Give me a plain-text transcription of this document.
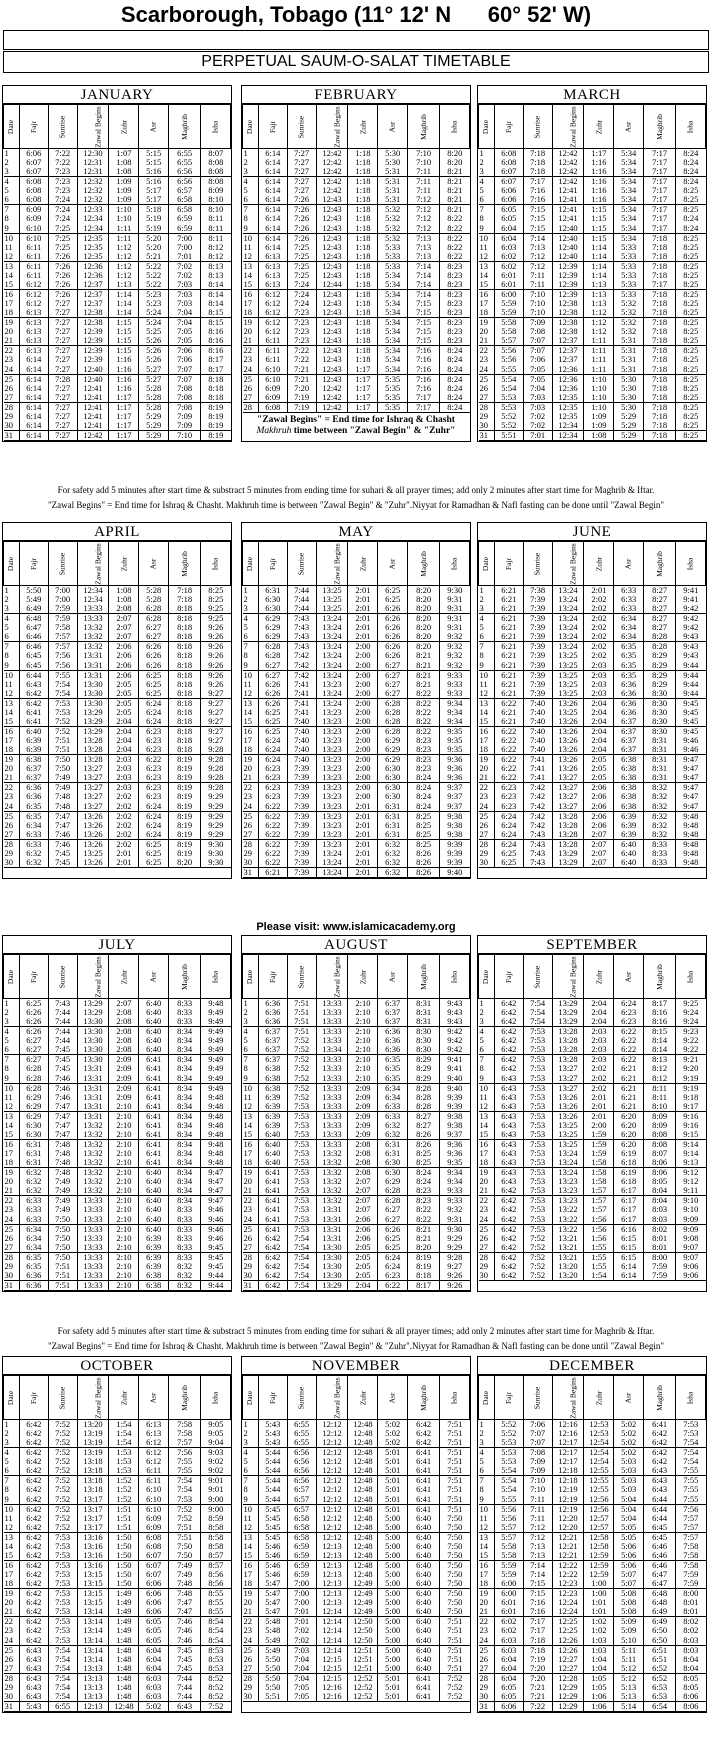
Scarborough, Tobago (11° 12' N      60° 52' W)
PERPETUAL SAUM-O-SALAT TIMETABLE
JANUARY
Date	Fajr	Sunrise	Zawal Begins	Zuhr	Asr	Maghrib	Isha
1	6:06	7:22	12:30	1:07	5:15	6:55	8:07
2	6:07	7:22	12:31	1:08	5:15	6:55	8:08
3	6:07	7:23	12:31	1:08	5:16	6:56	8:08
4	6:08	7:23	12:32	1:09	5:16	6:56	8:08
5	6:08	7:23	12:32	1:09	5:17	6:57	8:09
6	6:08	7:24	12:32	1:09	5:17	6:58	8:10
7	6:09	7:24	12:33	1:10	5:18	6:58	8:10
8	6:09	7:24	12:34	1:10	5:19	6:59	8:11
9	6:10	7:25	12:34	1:11	5:19	6:59	8:11
10	6:10	7:25	12:35	1:11	5:20	7:00	8:11
11	6:11	7:25	12:35	1:12	5:20	7:00	8:12
12	6:11	7:26	12:35	1:12	5:21	7:01	8:12
13	6:11	7:26	12:36	1:12	5:22	7:02	8:13
14	6:11	7:26	12:36	1:12	5:22	7:02	8:13
15	6:12	7:26	12:37	1:13	5:22	7:03	8:14
16	6:12	7:26	12:37	1:14	5:23	7:03	8:14
17	6:12	7:27	12:37	1:14	5:23	7:03	8:14
18	6:13	7:27	12:38	1:14	5:24	7:04	8:15
19	6:13	7:27	12:38	1:15	5:24	7:04	8:15
20	6:13	7:27	12:39	1:15	5:25	7:05	8:16
21	6:13	7:27	12:39	1:15	5:26	7:05	8:16
22	6:13	7:27	12:39	1:15	5:26	7:06	8:16
23	6:14	7:27	12:39	1:16	5:26	7:06	8:17
24	6:14	7:27	12:40	1:16	5:27	7:07	8:17
25	6:14	7:28	12:40	1:16	5:27	7:07	8:18
26	6:14	7:27	12:41	1:16	5:28	7:08	8:18
27	6:14	7:27	12:41	1:17	5:28	7:08	8:18
28	6:14	7:27	12:41	1:17	5:28	7:08	8:19
29	6:14	7:27	12:41	1:17	5:29	7:09	8:19
30	6:14	7:27	12:41	1:17	5:29	7:09	8:19
31	6:14	7:27	12:42	1:17	5:29	7:10	8:19
FEBRUARY
Date	Fajr	Sunrise	Zawal Begins	Zuhr	Asr	Maghrib	Isha
1	6:14	7:27	12:42	1:18	5:30	7:10	8:20
2	6:14	7:27	12:42	1:18	5:30	7:10	8:20
3	6:14	7:27	12:42	1:18	5:31	7:11	8:21
4	6:14	7:27	12:42	1:18	5:31	7:11	8:21
5	6:14	7:27	12:42	1:18	5:31	7:11	8:21
6	6:14	7:26	12:43	1:18	5:31	7:12	8:21
7	6:14	7:26	12:43	1:18	5:32	7:12	8:21
8	6:14	7:26	12:43	1:18	5:32	7:12	8:22
9	6:14	7:26	12:43	1:18	5:32	7:12	8:22
10	6:14	7:26	12:43	1:18	5:32	7:13	8:22
11	6:14	7:25	12:43	1:18	5:33	7:13	8:22
12	6:13	7:25	12:43	1:18	5:33	7:13	8:22
13	6:13	7:25	12:43	1:18	5:33	7:14	8:23
14	6:13	7:25	12:43	1:18	5:34	7:14	8:23
15	6:13	7:24	12:44	1:18	5:34	7:14	8:23
16	6:12	7:24	12:43	1:18	5:34	7:14	8:23
17	6:12	7:24	12:43	1:18	5:34	7:15	8:23
18	6:12	7:23	12:43	1:18	5:34	7:15	8:23
19	6:12	7:23	12:43	1:18	5:34	7:15	8:23
20	6:12	7:23	12:43	1:18	5:34	7:15	8:23
21	6:11	7:23	12:43	1:18	5:34	7:15	8:23
22	6:11	7:22	12:43	1:18	5:34	7:16	8:24
23	6:11	7:22	12:43	1:18	5:34	7:16	8:24
24	6:10	7:21	12:43	1:17	5:34	7:16	8:24
25	6:10	7:21	12:43	1:17	5:35	7:16	8:24
26	6:09	7:20	12:42	1:17	5:35	7:16	8:24
27	6:09	7:19	12:42	1:17	5:35	7:17	8:24
28	6:08	7:19	12:42	1:17	5:35	7:17	8:24
"Zawal Begins" = End time for Ishraq & Chasht
Makhruh time between "Zawal Begin" & "Zuhr"
MARCH
Date	Fajr	Sunrise	Zawal Begins	Zuhr	Asr	Maghrib	Isha
1	6:08	7:18	12:42	1:17	5:34	7:17	8:24
2	6:08	7:18	12:42	1:16	5:34	7:17	8:24
3	6:07	7:18	12:42	1:16	5:34	7:17	8:24
4	6:07	7:17	12:42	1:16	5:34	7:17	8:24
5	6:06	7:16	12:41	1:16	5:34	7:17	8:25
6	6:06	7:16	12:41	1:16	5:34	7:17	8:25
7	6:05	7:15	12:41	1:15	5:34	7:17	8:25
8	6:05	7:15	12:41	1:15	5:34	7:17	8:24
9	6:04	7:15	12:40	1:15	5:34	7:17	8:24
10	6:04	7:14	12:40	1:15	5:34	7:18	8:25
11	6:03	7:13	12:40	1:14	5:33	7:18	8:25
12	6:02	7:12	12:40	1:14	5:33	7:18	8:25
13	6:02	7:12	12:39	1:14	5:33	7:18	8:25
14	6:01	7:11	12:39	1:14	5:33	7:18	8:25
15	6:01	7:11	12:39	1:13	5:33	7:17	8:25
16	6:00	7:10	12:39	1:13	5:33	7:18	8:25
17	5:59	7:10	12:38	1:13	5:32	7:18	8:25
18	5:59	7:10	12:38	1:12	5:32	7:18	8:25
19	5:58	7:09	12:38	1:12	5:32	7:18	8:25
20	5:58	7:08	12:38	1:12	5:32	7:18	8:25
21	5:57	7:07	12:37	1:11	5:31	7:18	8:25
22	5:56	7:07	12:37	1:11	5:31	7:18	8:25
23	5:56	7:06	12:37	1:11	5:31	7:18	8:25
24	5:55	7:05	12:36	1:11	5:31	7:18	8:25
25	5:54	7:05	12:36	1:10	5:30	7:18	8:25
26	5:54	7:04	12:36	1:10	5:30	7:18	8:25
27	5:53	7:03	12:35	1:10	5:30	7:18	8:25
28	5:53	7:03	12:35	1:10	5:30	7:18	8:25
29	5:52	7:02	12:35	1:09	5:29	7:18	8:25
30	5:52	7:02	12:34	1:09	5:29	7:18	8:25
31	5:51	7:01	12:34	1:08	5:29	7:18	8:25
APRIL
Date	Fajr	Sunrise	Zawal Begins	Zuhr	Asr	Maghrib	Isha
1	5:50	7:00	12:34	1:08	5:28	7:18	8:25
2	5:49	7:00	12:34	1:08	5:28	7:18	8:25
3	6:49	7:59	13:33	2:08	6:28	8:18	9:25
4	6:48	7:59	13:33	2:07	6:28	8:18	9:25
5	6:47	7:58	13:32	2:07	6:27	8:18	9:26
6	6:46	7:57	13:32	2:07	6:27	8:18	9:26
7	6:46	7:57	13:32	2:06	6:26	8:18	9:26
8	6:45	7:56	13:31	2:06	6:26	8:18	9:26
9	6:45	7:56	13:31	2:06	6:26	8:18	9:26
10	6:44	7:55	13:31	2:06	6:25	8:18	9:26
11	6:43	7:54	13:30	2:05	6:25	8:18	9:26
12	6:42	7:54	13:30	2:05	6:25	8:18	9:27
13	6:42	7:53	13:30	2:05	6:24	8:18	9:27
14	6:41	7:53	13:29	2:05	6:24	8:18	9:27
15	6:41	7:52	13:29	2:04	6:24	8:18	9:27
16	6:40	7:52	13:29	2:04	6:23	8:18	9:27
17	6:39	7:51	13:28	2:04	6:23	8:18	9:27
18	6:39	7:51	13:28	2:04	6:23	8:18	9:28
19	6:38	7:50	13:28	2:03	6:22	8:19	9:28
20	6:37	7:50	13:27	2:03	6:23	8:19	9:28
21	6:37	7:49	13:27	2:03	6:23	8:19	9:28
22	6:36	7:49	13:27	2:03	6:23	8:19	9:28
23	6:36	7:48	13:27	2:02	6:23	8:19	9:29
24	6:35	7:48	13:27	2:02	6:24	8:19	9:29
25	6:35	7:47	13:26	2:02	6:24	8:19	9:29
26	6:34	7:47	13:26	2:02	6:24	8:19	9:29
27	6:33	7:46	13:26	2:02	6:24	8:19	9:29
28	6:33	7:46	13:26	2:02	6:25	8:19	9:30
29	6:32	7:45	13:25	2:01	6:25	8:19	9:30
30	6:32	7:45	13:26	2:01	6:25	8:20	9:30
MAY
Date	Fajr	Sunrise	Zawal Begins	Zuhr	Asr	Maghrib	Isha
1	6:31	7:44	13:25	2:01	6:25	8:20	9:30
2	6:30	7:44	13:25	2:01	6:25	8:20	9:31
3	6:30	7:44	13:25	2:01	6:26	8:20	9:31
4	6:29	7:43	13:24	2:01	6:26	8:20	9:31
5	6:29	7:43	13:24	2:01	6:26	8:20	9:31
6	6:29	7:43	13:24	2:01	6:26	8:20	9:32
7	6:28	7:43	13:24	2:00	6:26	8:20	9:32
8	6:28	7:42	13:24	2:00	6:26	8:21	9:32
9	6:27	7:42	13:24	2:00	6:27	8:21	9:32
10	6:27	7:42	13:24	2:00	6:27	8:21	9:33
11	6:26	7:41	13:23	2:00	6:27	8:21	9:33
12	6:26	7:41	13:24	2:00	6:27	8:22	9:33
13	6:26	7:41	13:24	2:00	6:28	8:22	9:34
14	6:25	7:41	13:23	2:00	6:28	8:22	9:34
15	6:25	7:40	13:23	2:00	6:28	8:22	9:34
16	6:25	7:40	13:23	2:00	6:28	8:22	9:35
17	6:24	7:40	13:23	2:00	6:29	8:23	9:35
18	6:24	7:40	13:23	2:00	6:29	8:23	9:35
19	6:24	7:40	13:23	2:00	6:29	8:23	9:36
20	6:23	7:39	13:23	2:00	6:30	8:23	9:36
21	6:23	7:39	13:23	2:00	6:30	8:24	9:36
22	6:23	7:39	13:23	2:00	6:30	8:24	9:37
23	6:23	7:39	13:23	2:00	6:30	8:24	9:37
24	6:22	7:39	13:23	2:01	6:31	8:24	9:37
25	6:22	7:39	13:23	2:01	6:31	8:25	9:38
26	6:22	7:39	13:23	2:01	6:31	8:25	9:38
27	6:22	7:39	13:23	2:01	6:31	8:25	9:38
28	6:22	7:39	13:23	2:01	6:32	8:25	9:39
29	6:22	7:39	13:24	2:01	6:32	8:26	9:39
30	6:22	7:39	13:24	2:01	6:32	8:26	9:39
31	6:21	7:39	13:24	2:01	6:32	8:26	9:40
JUNE
Date	Fajr	Sunrise	Zawal Begins	Zuhr	Asr	Maghrib	Isha
1	6:21	7:38	13:24	2:01	6:33	8:27	9:41
2	6:21	7:39	13:24	2:02	6:33	8:27	9:41
3	6:21	7:39	13:24	2:02	6:33	8:27	9:42
4	6:21	7:39	13:24	2:02	6:34	8:27	9:42
5	6:21	7:39	13:24	2:02	6:34	8:27	9:42
6	6:21	7:39	13:24	2:02	6:34	8:28	9:43
7	6:21	7:39	13:24	2:02	6:35	8:28	9:43
8	6:21	7:39	13:25	2:02	6:35	8:29	9:43
9	6:21	7:39	13:25	2:03	6:35	8:29	9:44
10	6:21	7:39	13:25	2:03	6:35	8:29	9:44
11	6:21	7:39	13:25	2:03	6:36	8:29	9:44
12	6:21	7:39	13:25	2:03	6:36	8:30	9:44
13	6:22	7:40	13:26	2:04	6:36	8:30	9:45
14	6:21	7:40	13:25	2:04	6:36	8:30	9:45
15	6:21	7:40	13:26	2:04	6:37	8:30	9:45
16	6:22	7:40	13:26	2:04	6:37	8:30	9:45
17	6:22	7:40	13:26	2:04	6:37	8:31	9:46
18	6:22	7:40	13:26	2:04	6:37	8:31	9:46
19	6:22	7:41	13:26	2:05	6:38	8:31	9:47
20	6:22	7:41	13:26	2:05	6:38	8:31	9:47
21	6:22	7:41	13:27	2:05	6:38	8:31	9:47
22	6:23	7:42	13:27	2:06	6:38	8:32	9:47
23	6:23	7:42	13:27	2:06	6:38	8:32	9:47
24	6:23	7:42	13:27	2:06	6:38	8:32	9:47
25	6:24	7:42	13:28	2:06	6:39	8:32	9:48
26	6:24	7:42	13:28	2:06	6:39	8:32	9:48
27	6:24	7:43	13:28	2:07	6:39	8:32	9:48
28	6:24	7:43	13:28	2:07	6:40	8:33	9:48
29	6:25	7:43	13:29	2:07	6:40	8:33	9:48
30	6:25	7:43	13:29	2:07	6:40	8:33	9:48
JULY
Date	Fajr	Sunrise	Zawal Begins	Zuhr	Asr	Maghrib	Isha
1	6:25	7:43	13:29	2:07	6:40	8:33	9:48
2	6:26	7:44	13:29	2:08	6:40	8:33	9:49
3	6:26	7:44	13:30	2:08	6:40	8:33	9:49
4	6:26	7:44	13:30	2:08	6:40	8:34	9:49
5	6:27	7:44	13:30	2:08	6:40	8:34	9:49
6	6:27	7:45	13:30	2:08	6:40	8:34	9:49
7	6:27	7:45	13:30	2:09	6:41	8:34	9:49
8	6:28	7:45	13:31	2:09	6:41	8:34	9:49
9	6:28	7:46	13:31	2:09	6:41	8:34	9:49
10	6:28	7:46	13:31	2:09	6:41	8:34	9:49
11	6:29	7:46	13:31	2:09	6:41	8:34	9:48
12	6:29	7:47	13:31	2:10	6:41	8:34	9:48
13	6:29	7:47	13:31	2:10	6:41	8:34	9:48
14	6:30	7:47	13:32	2:10	6:41	8:34	9:48
15	6:30	7:47	13:32	2:10	6:41	8:34	9:48
16	6:31	7:48	13:32	2:10	6:41	8:34	9:48
17	6:31	7:48	13:32	2:10	6:41	8:34	9:48
18	6:31	7:48	13:32	2:10	6:41	8:34	9:48
19	6:32	7:48	13:32	2:10	6:40	8:34	9:47
20	6:32	7:49	13:32	2:10	6:40	8:34	9:47
21	6:32	7:49	13:32	2:10	6:40	8:34	9:47
22	6:33	7:49	13:33	2:10	6:40	8:34	9:47
23	6:33	7:49	13:33	2:10	6:40	8:33	9:46
24	6:33	7:50	13:33	2:10	6:40	8:33	9:46
25	6:34	7:50	13:33	2:10	6:40	8:33	9:46
26	6:34	7:50	13:33	2:10	6:39	8:33	9:46
27	6:34	7:50	13:33	2:10	6:39	8:33	9:45
28	6:35	7:50	13:33	2:10	6:39	8:33	9:45
29	6:35	7:51	13:33	2:10	6:39	8:32	9:45
30	6:36	7:51	13:33	2:10	6:38	8:32	9:44
31	6:36	7:51	13:33	2:10	6:38	8:32	9:44
AUGUST
Date	Fajr	Sunrise	Zawal Begins	Zuhr	Asr	Maghrib	Isha
1	6:36	7:51	13:33	2:10	6:37	8:31	9:43
2	6:36	7:51	13:33	2:10	6:37	8:31	9:43
3	6:36	7:51	13:33	2:10	6:37	8:31	9:43
4	6:37	7:51	13:33	2:10	6:36	8:30	9:42
5	6:37	7:52	13:33	2:10	6:36	8:30	9:42
6	6:37	7:52	13:34	2:10	6:36	8:30	9:42
7	6:37	7:52	13:33	2:10	6:35	8:29	9:41
8	6:38	7:52	13:33	2:10	6:35	8:29	9:41
9	6:38	7:52	13:33	2:10	6:35	8:29	9:40
10	6:38	7:52	13:33	2:09	6:34	8:28	9:40
11	6:39	7:52	13:33	2:09	6:34	8:28	9:39
12	6:39	7:53	13:33	2:09	6:33	8:28	9:39
13	6:39	7:53	13:33	2:09	6:33	8:27	9:38
14	6:39	7:53	13:33	2:09	6:32	8:27	9:38
15	6:40	7:53	13:33	2:09	6:32	8:26	9:37
16	6:40	7:53	13:33	2:08	6:31	8:26	9:36
17	6:40	7:53	13:32	2:08	6:31	8:25	9:36
18	6:40	7:53	13:32	2:08	6:30	8:25	9:35
19	6:41	7:53	13:32	2:08	6:30	8:24	9:34
20	6:41	7:53	13:32	2:07	6:29	8:24	9:34
21	6:41	7:53	13:32	2:07	6:28	8:23	9:33
22	6:41	7:53	13:32	2:07	6:28	8:23	9:33
23	6:41	7:53	13:31	2:07	6:27	8:22	9:32
24	6:41	7:53	13:31	2:06	6:27	8:22	9:31
25	6:41	7:53	13:31	2:06	6:26	8:21	9:30
26	6:42	7:54	13:31	2:06	6:25	8:21	9:29
27	6:42	7:54	13:30	2:05	6:25	8:20	9:29
28	6:42	7:54	13:30	2:05	6:24	8:19	9:28
29	6:42	7:54	13:30	2:05	6:24	8:19	9:27
30	6:42	7:54	13:30	2:05	6:23	8:18	9:26
31	6:42	7:54	13:29	2:04	6:22	8:17	9:26
SEPTEMBER
Date	Fajr	Sunrise	Zawal Begins	Zuhr	Asr	Maghrib	Isha
1	6:42	7:54	13:29	2:04	6:24	8:17	9:25
2	6:42	7:54	13:29	2:04	6:23	8:16	9:24
3	6:42	7:54	13:29	2:04	6:23	8:16	9:24
4	6:42	7:53	13:28	2:03	6:22	8:15	9:23
5	6:42	7:53	13:28	2:03	6:22	8:14	9:22
6	6:42	7:53	13:28	2:03	6:22	8:14	9:22
7	6:42	7:53	13:28	2:03	6:22	8:13	9:21
8	6:42	7:53	13:27	2:02	6:21	8:12	9:20
9	6:43	7:53	13:27	2:02	6:21	8:12	9:19
10	6:43	7:53	13:27	2:02	6:21	8:11	9:19
11	6:43	7:53	13:26	2:01	6:21	8:11	9:18
12	6:43	7:53	13:26	2:01	6:21	8:10	9:17
13	6:43	7:53	13:26	2:01	6:20	8:09	9:16
14	6:43	7:53	13:25	2:00	6:20	8:09	9:16
15	6:43	7:53	13:25	1:59	6:20	8:08	9:15
16	6:43	7:53	13:25	1:59	6:20	8:08	9:14
17	6:43	7:53	13:24	1:59	6:19	8:07	9:14
18	6:43	7:53	13:24	1:58	6:18	8:06	9:13
19	6:43	7:53	13:24	1:58	6:19	8:06	9:12
20	6:43	7:53	13:23	1:58	6:18	8:05	9:12
21	6:42	7:53	13:23	1:57	6:17	8:04	9:11
22	6:42	7:53	13:23	1:57	6:17	8:04	9:10
23	6:42	7:53	13:22	1:57	6:17	8:03	9:10
24	6:42	7:53	13:22	1:56	6:17	8:03	9:09
25	6:42	7:53	13:22	1:56	6:16	8:02	9:09
26	6:42	7:52	13:21	1:56	6:15	8:01	9:08
27	6:42	7:52	13:21	1:55	6:15	8:01	9:07
28	6:42	7:52	13:21	1:55	6:15	8:00	9:07
29	6:42	7:52	13:20	1:55	6:14	7:59	9:06
30	6:42	7:52	13:20	1:54	6:14	7:59	9:06
OCTOBER
Date	Fajr	Sunrise	Zawal Begins	Zuhr	Asr	Maghrib	Isha
1	6:42	7:52	13:20	1:54	6:13	7:58	9:05
2	6:42	7:52	13:19	1:54	6:13	7:58	9:05
3	6:42	7:52	13:19	1:54	6:12	7:57	9:04
4	6:42	7:52	13:19	1:53	6:12	7:56	9:03
5	6:42	7:52	13:18	1:53	6:12	7:55	9:02
6	6:42	7:52	13:18	1:53	6:11	7:55	9:02
7	6:42	7:52	13:18	1:52	6:11	7:54	9:01
8	6:42	7:52	13:18	1:52	6:10	7:54	9:01
9	6:42	7:52	13:17	1:52	6:10	7:53	9:00
10	6:42	7:52	13:17	1:51	6:10	7:52	9:00
11	6:42	7:52	13:17	1:51	6:09	7:52	8:59
12	6:42	7:52	13:17	1:51	6:09	7:51	8:58
13	6:42	7:53	13:16	1:50	6:08	7:51	8:58
14	6:42	7:53	13:16	1:50	6:08	7:50	8:58
15	6:42	7:53	13:16	1:50	6:07	7:50	8:57
16	6:42	7:53	13:16	1:50	6:07	7:49	8:57
17	6:42	7:53	13:15	1:50	6:07	7:49	8:56
18	6:42	7:53	13:15	1:50	6:06	7:48	8:56
19	6:42	7:53	13:15	1:49	6:06	7:48	8:55
20	6:42	7:53	13:15	1:49	6:06	7:47	8:55
21	6:42	7:53	13:14	1:49	6:06	7:47	8:55
22	6:42	7:53	13:14	1:49	6:05	7:46	8:54
23	6:42	7:53	13:14	1:49	6:05	7:46	8:54
24	6:42	7:53	13:14	1:48	6:05	7:46	8:54
25	6:43	7:54	13:14	1:48	6:04	7:45	8:53
26	6:43	7:54	13:14	1:48	6:04	7:45	8:53
27	6:43	7:54	13:13	1:48	6:04	7:45	8:53
28	6:43	7:54	13:13	1:48	6:03	7:44	8:52
29	6:43	7:54	13:13	1:48	6:03	7:44	8:52
30	6:43	7:54	13:13	1:48	6:03	7:44	8:52
31	5:43	6:55	12:13	12:48	5:02	6:43	7:52
NOVEMBER
Date	Fajr	Sunrise	Zawal Begins	Zuhr	Asr	Maghrib	Isha
1	5:43	6:55	12:12	12:48	5:02	6:42	7:51
2	5:43	6:55	12:12	12:48	5:02	6:42	7:51
3	5:43	6:55	12:12	12:48	5:02	6:42	7:51
4	5:44	6:56	12:12	12:48	5:01	6:41	7:51
5	5:44	6:56	12:12	12:48	5:01	6:41	7:51
6	5:44	6:56	12:12	12:48	5:01	6:41	7:51
7	5:44	6:56	12:12	12:48	5:01	6:41	7:51
8	5:44	6:57	12:12	12:48	5:01	6:41	7:51
9	5:44	6:57	12:12	12:48	5:01	6:41	7:51
10	5:45	6:57	12:12	12:48	5:01	6:41	7:51
11	5:45	6:58	12:12	12:48	5:00	6:40	7:50
12	5:45	6:58	12:12	12:48	5:00	6:40	7:50
13	5:45	6:58	12:12	12:48	5:00	6:40	7:50
14	5:46	6:59	12:13	12:48	5:00	6:40	7:50
15	5:46	6:59	12:13	12:48	5:00	6:40	7:50
16	5:46	6:59	12:13	12:48	5:00	6:40	7:50
17	5:46	6:59	12:13	12:48	5:00	6:40	7:50
18	5:47	7:00	12:13	12:49	5:00	6:40	7:50
19	5:47	7:00	12:13	12:49	5:00	6:40	7:50
20	5:47	7:00	12:13	12:49	5:00	6:40	7:50
21	5:47	7:01	12:14	12:49	5:00	6:40	7:50
22	5:48	7:01	12:14	12:50	5:00	6:40	7:51
23	5:48	7:02	12:14	12:50	5:00	6:40	7:51
24	5:49	7:02	12:14	12:50	5:00	6:40	7:51
25	5:49	7:03	12:14	12:51	5:00	6:40	7:51
26	5:50	7:04	12:15	12:51	5:00	6:40	7:51
27	5:50	7:04	12:15	12:51	5:00	6:40	7:51
28	5:50	7:04	12:15	12:52	5:01	6:41	7:52
29	5:50	7:05	12:16	12:52	5:01	6:41	7:52
30	5:51	7:05	12:16	12:52	5:01	6:41	7:52
DECEMBER
Date	Fajr	Sunrise	Zawal Begins	Zuhr	Asr	Maghrib	Isha
1	5:52	7:06	12:16	12:53	5:02	6:41	7:53
2	5:52	7:07	12:16	12:53	5:02	6:42	7:53
3	5:53	7:07	12:17	12:54	5:02	6:42	7:54
4	5:53	7:08	12:17	12:54	5:02	6:42	7:54
5	5:53	7:09	12:17	12:54	5:03	6:42	7:54
6	5:54	7:09	12:18	12:55	5:03	6:43	7:55
7	5:54	7:10	12:18	12:55	5:03	6:43	7:55
8	5:54	7:10	12:19	12:55	5:03	6:43	7:55
9	5:55	7:11	12:19	12:56	5:04	6:44	7:55
10	5:56	7:11	12:19	12:56	5:04	6:44	7:56
11	5:56	7:11	12:20	12:57	5:04	6:44	7:57
12	5:57	7:12	12:20	12:57	5:05	6:45	7:57
13	5:57	7:12	12:21	12:58	5:05	6:45	7:57
14	5:58	7:13	12:21	12:58	5:06	6:46	7:58
15	5:58	7:13	12:21	12:59	5:06	6:46	7:58
16	5:59	7:14	12:22	12:59	5:06	6:46	7:58
17	5:59	7:14	12:22	12:59	5:07	6:47	7:59
18	6:00	7:15	12:23	1:00	5:07	6:47	7:59
19	6:00	7:15	12:23	1:00	5:08	6:48	8:00
20	6:01	7:16	12:24	1:01	5:08	6:48	8:01
21	6:01	7:16	12:24	1:01	5:08	6:49	8:01
22	6:02	7:17	12:25	1:02	5:09	6:49	8:02
23	6:02	7:17	12:25	1:02	5:09	6:50	8:02
24	6:03	7:18	12:26	1:03	5:10	6:50	8:03
25	6:03	7:18	12:26	1:03	5:11	6:51	8:03
26	6:04	7:19	12:27	1:04	5:11	6:51	8:04
27	6:04	7:20	12:27	1:04	5:12	6:52	8:04
28	6:04	7:20	12:28	1:05	5:12	6:52	8:05
29	6:05	7:21	12:29	1:05	5:13	6:53	8:05
30	6:05	7:21	12:29	1:06	5:13	6:53	8:06
31	6:06	7:22	12:29	1:06	5:14	6:54	8:06
For safety add 5 minutes after start time & substract 5 minutes from ending time for suhari & all prayer times; add only 2 minutes after start time for Maghrib & Iftar.
"Zawal Begins" = End time for Ishraq & Chasht. Makhruh time is between "Zawal Begin" & "Zuhr".Niyyat for Ramadhan & Nafl fasting can be done until "Zawal Begin"
Please visit: www.islamicacademy.org
For safety add 5 minutes after start time & substract 5 minutes from ending time for suhari & all prayer times; add only 2 minutes after start time for Maghrib & Iftar.
"Zawal Begins" = End time for Ishraq & Chasht. Makhruh time is between "Zawal Begin" & "Zuhr".Niyyat for Ramadhan & Nafl fasting can be done until "Zawal Begin"
